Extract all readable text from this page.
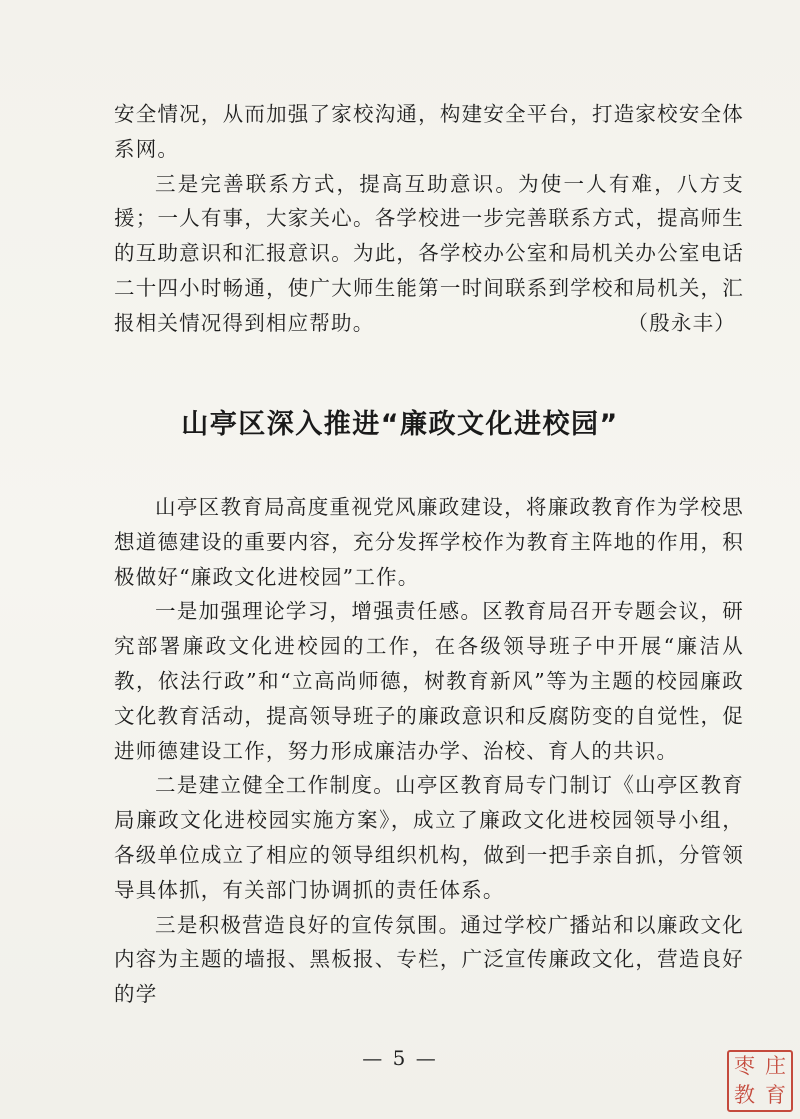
安全情况，从而加强了家校沟通，构建安全平台，打造家校安全体系网。

三是完善联系方式，提高互助意识。为使一人有难，八方支援；一人有事，大家关心。各学校进一步完善联系方式，提高师生的互助意识和汇报意识。为此，各学校办公室和局机关办公室电话二十四小时畅通，使广大师生能第一时间联系到学校和局机关，汇报相关情况得到相应帮助。	（殷永丰）

山亭区深入推进“廉政文化进校园”

山亭区教育局高度重视党风廉政建设，将廉政教育作为学校思想道德建设的重要内容，充分发挥学校作为教育主阵地的作用，积极做好“廉政文化进校园”工作。

一是加强理论学习，增强责任感。区教育局召开专题会议，研究部署廉政文化进校园的工作，在各级领导班子中开展“廉洁从教，依法行政”和“立高尚师德，树教育新风”等为主题的校园廉政文化教育活动，提高领导班子的廉政意识和反腐防变的自觉性，促进师德建设工作，努力形成廉洁办学、治校、育人的共识。

二是建立健全工作制度。山亭区教育局专门制订《山亭区教育局廉政文化进校园实施方案》，成立了廉政文化进校园领导小组，各级单位成立了相应的领导组织机构，做到一把手亲自抓，分管领导具体抓，有关部门协调抓的责任体系。

三是积极营造良好的宣传氛围。通过学校广播站和以廉政文化内容为主题的墙报、黑板报、专栏，广泛宣传廉政文化，营造良好的学

— 5 —	枣 庄
教 育
